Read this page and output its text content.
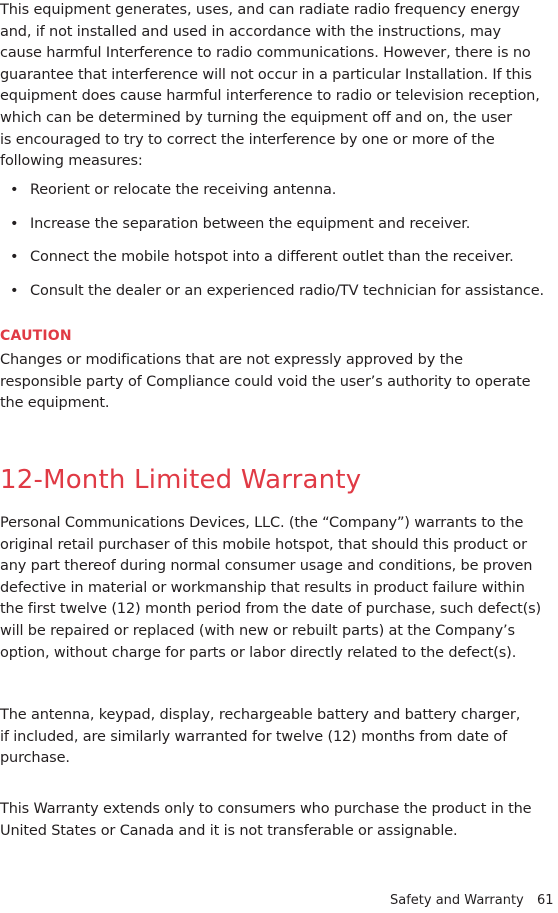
This equipment generates, uses, and can radiate radio frequency energy
and, if not installed and used in accordance with the instructions, may
cause harmful Interference to radio communications. However, there is no
guarantee that interference will not occur in a particular Installation. If this
equipment does cause harmful interference to radio or television reception,
which can be determined by turning the equipment off and on, the user
is encouraged to try to correct the interference by one or more of the
following measures:

• Reorient or relocate the receiving antenna.
• Increase the separation between the equipment and receiver.
• Connect the mobile hotspot into a different outlet than the receiver.
• Consult the dealer or an experienced radio/TV technician for assistance.
CAUTION

Changes or modifications that are not expressly approved by the
responsible party of Compliance could void the user’s authority to operate
the equipment.

12-Month Limited Warranty

Personal Communications Devices, LLC. (the “Company”) warrants to the
original retail purchaser of this mobile hotspot, that should this product or
any part thereof during normal consumer usage and conditions, be proven
defective in material or workmanship that results in product failure within
the first twelve (12) month period from the date of purchase, such defect(s)
will be repaired or replaced (with new or rebuilt parts) at the Company’s
option, without charge for parts or labor directly related to the defect(s).

The antenna, keypad, display, rechargeable battery and battery charger,
if included, are similarly warranted for twelve (12) months from date of
purchase.

This Warranty extends only to consumers who purchase the product in the
United States or Canada and it is not transferable or assignable.

Safety and Warranty 61
